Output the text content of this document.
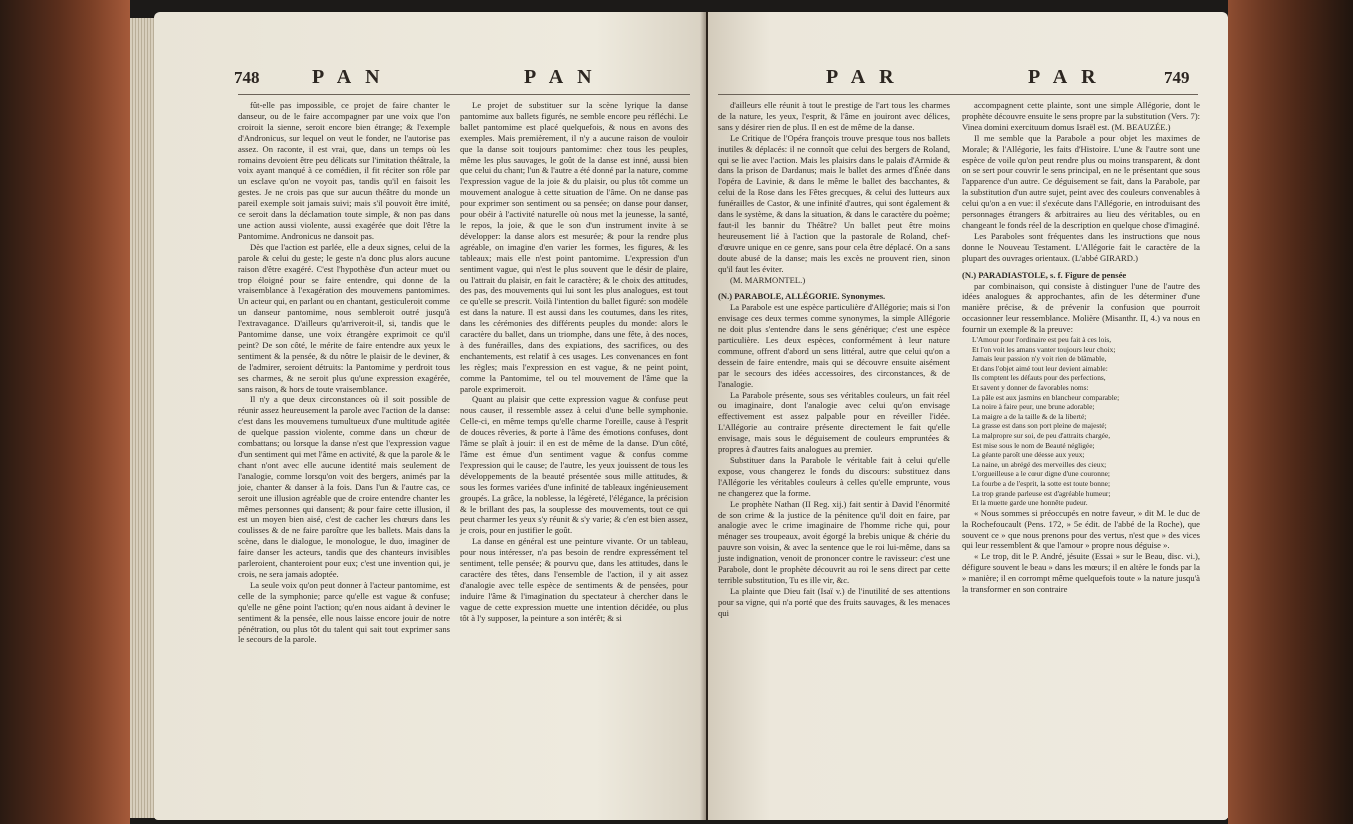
748	PAN	PAN

fût-elle pas impossible, ce projet de faire chanter le danseur, ou de le faire accompagner par une voix que l'on croiroit la sienne, seroit encore bien étrange; & l'exemple d'Andronicus, sur lequel on veut le fonder, ne l'autorise pas assez. On raconte, il est vrai, que, dans un temps où les romains devoient être peu délicats sur l'imitation théâtrale, la voix ayant manqué à ce comédien, il fit réciter son rôle par un esclave qu'on ne voyoit pas, tandis qu'il en faisoit les gestes. Je ne crois pas que sur aucun théâtre du monde un pareil exemple soit jamais suivi; mais s'il pouvoit être imité, ce seroit dans la déclamation toute simple, & non pas dans une action aussi violente, aussi exagérée que doit l'être la Pantomime. Andronicus ne dansoit pas.

Dès que l'action est parlée, elle a deux signes, celui de la parole & celui du geste; le geste n'a donc plus alors aucune raison d'être exagéré. C'est l'hypothèse d'un acteur muet ou trop éloigné pour se faire entendre, qui donne de la vraisemblance à l'exagération des mouvemens pantomimes. Un acteur qui, en parlant ou en chantant, gesticuleroit comme un danseur pantomime, nous sembleroit outré jusqu'à l'extravagance. D'ailleurs qu'arriveroit-il, si, tandis que le Pantomime danse, une voix étrangère exprimoit ce qu'il peint? De son côté, le mérite de faire entendre aux yeux le sentiment & la pensée, & du nôtre le plaisir de le deviner, & de l'admirer, seroient détruits: la Pantomime y perdroit tous ses charmes, & ne seroit plus qu'une expression exagérée, sans raison, & hors de toute vraisemblance.

Il n'y a que deux circonstances où il soit possible de réunir assez heureusement la parole avec l'action de la danse: c'est dans les mouvemens tumultueux d'une multitude agitée de quelque passion violente, comme dans un chœur de combattans; ou lorsque la danse n'est que l'expression vague d'un sentiment qui met l'âme en activité, & que la parole & le chant n'ont avec elle aucune identité mais seulement de l'analogie, comme lorsqu'on voit des bergers, animés par la joie, chanter & danser à la fois. Dans l'un & l'autre cas, ce seroit une illusion agréable que de croire entendre chanter les mêmes personnes qui dansent; & pour faire cette illusion, il est un moyen bien aisé, c'est de cacher les chœurs dans les coulisses & de ne faire paroître que les ballets. Mais dans la scène, dans le dialogue, le monologue, le duo, imaginer de faire danser les acteurs, tandis que des chanteurs invisibles parleroient, chanteroient pour eux; c'est une invention qui, je crois, ne sera jamais adoptée.

La seule voix qu'on peut donner à l'acteur pantomime, est celle de la symphonie; parce qu'elle est vague & confuse; qu'elle ne gêne point l'action; qu'en nous aidant à deviner le sentiment & la pensée, elle nous laisse encore jouir de notre pénétration, ou plus tôt du talent qui sait tout exprimer sans le secours de la parole.

Le projet de substituer sur la scène lyrique la danse pantomime aux ballets figurés, ne semble encore peu réfléchi. Le ballet pantomime est placé quelquefois, & nous en avons des exemples. Mais premièrement, il n'y a aucune raison de vouloir que la danse soit toujours pantomime: chez tous les peuples, même les plus sauvages, le goût de la danse est inné, aussi bien que celui du chant; l'un & l'autre a été donné par la nature, comme l'expression vague de la joie & du plaisir, ou plus tôt comme un mouvement analogue à cette situation de l'âme. On ne danse pas pour exprimer son sentiment ou sa pensée; on danse pour danser, pour obéir à l'activité naturelle où nous met la jeunesse, la santé, le repos, la joie, & que le son d'un instrument invite à se développer: la danse alors est mesurée; & pour la rendre plus agréable, on imagine d'en varier les formes, les figures, & les tableaux; mais elle n'est point pantomime. L'expression d'un sentiment vague, qui n'est le plus souvent que le désir de plaire, ou l'attrait du plaisir, en fait le caractère; & le choix des attitudes, des pas, des mouvements qui lui sont les plus analogues, est tout ce qu'elle se prescrit. Voilà l'intention du ballet figuré: son modèle est dans la nature. Il est aussi dans les coutumes, dans les rites, dans les cérémonies des différents peuples du monde: alors le caractère du ballet, dans un triomphe, dans une fête, à des noces, à des funérailles, dans des expiations, des sacrifices, ou des enchantements, est relatif à ces usages. Les convenances en font les règles; mais l'expression en est vague, & ne peint point, comme la Pantomime, tel ou tel mouvement de l'âme que la parole exprimeroit.

Quant au plaisir que cette expression vague & confuse peut nous causer, il ressemble assez à celui d'une belle symphonie. Celle-ci, en même temps qu'elle charme l'oreille, cause à l'esprit de douces rêveries, & porte à l'âme des émotions confuses, dont l'âme se plaît à jouir: il en est de même de la danse. D'un côté, l'âme est émue d'un sentiment vague & confus comme l'expression qui le cause; de l'autre, les yeux jouissent de tous les développements de la beauté présentée sous mille attitudes, & sous les formes variées d'une infinité de tableaux ingénieusement groupés. La grâce, la noblesse, la légèreté, l'élégance, la précision & le brillant des pas, la souplesse des mouvements, tout ce qui peut charmer les yeux s'y réunit & s'y varie; & c'en est bien assez, je crois, pour en justifier le goût.

La danse en général est une peinture vivante. Or un tableau, pour nous intéresser, n'a pas besoin de rendre expressément tel sentiment, telle pensée; & pourvu que, dans les attitudes, dans le caractère des têtes, dans l'ensemble de l'action, il y ait assez d'analogie avec telle espèce de sentiments & de pensées, pour induire l'âme & l'imagination du spectateur à chercher dans le vague de cette expression muette une intention décidée, ou plus tôt à l'y supposer, la peinture a son intérêt; & si

PAR	PAR	749

d'ailleurs elle réunit à tout le prestige de l'art tous les charmes de la nature, les yeux, l'esprit, & l'âme en jouiront avec délices, sans y désirer rien de plus. Il en est de même de la danse.

Le Critique de l'Opéra françois trouve presque tous nos ballets inutiles & déplacés: il ne connoît que celui des bergers de Roland, qui se lie avec l'action. Mais les plaisirs dans le palais d'Armide & dans la prison de Dardanus; mais le ballet des armes d'Énée dans l'opéra de Lavinie, & dans le même le ballet des bacchantes, & celui de la Rose dans les Fêtes grecques, & celui des lutteurs aux funérailles de Castor, & une infinité d'autres, qui sont également & dans le système, & dans la situation, & dans le caractère du poème; faut-il les bannir du Théâtre? Un ballet peut être moins heureusement lié à l'action que la pastorale de Roland, chef-d'œuvre unique en ce genre, sans pour cela être déplacé. On a sans doute abusé de la danse; mais les excès ne prouvent rien, sinon qu'il faut les éviter.

(M. MARMONTEL.)

(N.) PARABOLE, ALLÉGORIE. Synonymes.

La Parabole est une espèce particulière d'Allégorie; mais si l'on envisage ces deux termes comme synonymes, la simple Allégorie ne doit plus s'entendre dans le sens générique; c'est une espèce particulière. Les deux espèces, conformément à leur nature commune, offrent d'abord un sens littéral, autre que celui qu'on a dessein de faire entendre, mais qui se découvre ensuite aisément par le secours des idées accessoires, des circonstances, & de l'analogie.

La Parabole présente, sous ses véritables couleurs, un fait réel ou imaginaire, dont l'analogie avec celui qu'on envisage effectivement est assez palpable pour en réveiller l'idée. L'Allégorie au contraire présente directement le fait qu'elle envisage, mais sous le déguisement de couleurs empruntées & propres à d'autres faits analogues au premier.

Substituer dans la Parabole le véritable fait à celui qu'elle expose, vous changerez le fonds du discours: substituez dans l'Allégorie les véritables couleurs à celles qu'elle emprunte, vous ne changerez que la forme.

Le prophète Nathan (II Reg. xij.) fait sentir à David l'énormité de son crime & la justice de la pénitence qu'il doit en faire, par analogie avec le crime imaginaire de l'homme riche qui, pour ménager ses troupeaux, avoit égorgé la brebis unique & chérie du pauvre son voisin, & avec la sentence que le roi lui-même, dans sa juste indignation, venoit de prononcer contre le ravisseur: c'est une Parabole, dont le prophète découvrit au roi le sens direct par cette terrible substitution, Tu es ille vir, &c.

La plainte que Dieu fait (Isaï v.) de l'inutilité de ses attentions pour sa vigne, qui n'a porté que des fruits sauvages, & les menaces qui

accompagnent cette plainte, sont une simple Allégorie, dont le prophète découvre ensuite le sens propre par la substitution (Vers. 7): Vinea domini exercituum domus Israël est. (M. BEAUZÉE.)

Il me semble que la Parabole a pour objet les maximes de Morale; & l'Allégorie, les faits d'Histoire. L'une & l'autre sont une espèce de voile qu'on peut rendre plus ou moins transparent, & dont on se sert pour couvrir le sens principal, en ne le présentant que sous l'apparence d'un autre. Ce déguisement se fait, dans la Parabole, par la substitution d'un autre sujet, peint avec des couleurs convenables à celui qu'on a en vue: il s'exécute dans l'Allégorie, en introduisant des personnages étrangers & arbitraires au lieu des véritables, ou en changeant le fonds réel de la description en quelque chose d'imaginé.

Les Paraboles sont fréquentes dans les instructions que nous donne le Nouveau Testament. L'Allégorie fait le caractère de la plupart des ouvrages orientaux. (L'abbé GIRARD.)

(N.) PARADIASTOLE, s. f. Figure de pensée

par combinaison, qui consiste à distinguer l'une de l'autre des idées analogues & approchantes, afin de les déterminer d'une manière précise, & de prévenir la confusion que pourroit occasionner leur ressemblance. Molière (Misanthr. II, 4.) va nous en fournir un exemple & la preuve:

L'Amour pour l'ordinaire est peu fait à ces lois,

Et l'on voit les amans vanter toujours leur choix;

Jamais leur passion n'y voit rien de blâmable,

Et dans l'objet aimé tout leur devient aimable:

Ils comptent les défauts pour des perfections,

Et savent y donner de favorables noms:

La pâle est aux jasmins en blancheur comparable;

La noire à faire peur, une brune adorable;

La maigre a de la taille & de la liberté;

La grasse est dans son port pleine de majesté;

La malpropre sur soi, de peu d'attraits chargée,

Est mise sous le nom de Beauté négligée;

La géante paroît une déesse aux yeux;

La naine, un abrégé des merveilles des cieux;

L'orgueilleuse a le cœur digne d'une couronne;

La fourbe a de l'esprit, la sotte est toute bonne;

La trop grande parleuse est d'agréable humeur;

Et la muette garde une honnête pudeur.

« Nous sommes si préoccupés en notre faveur, » dit M. le duc de la Rochefoucault (Pens. 172, » 5e édit. de l'abbé de la Roche), que souvent ce » que nous prenons pour des vertus, n'est que » des vices qui leur ressemblent & que l'amour » propre nous déguise ».

« Le trop, dit le P. André, jésuite (Essai » sur le Beau, disc. vi.), défigure souvent le beau » dans les mœurs; il en altère le fonds par la » manière; il en corrompt même quelquefois toute » la nature jusqu'à la transformer en son contraire
